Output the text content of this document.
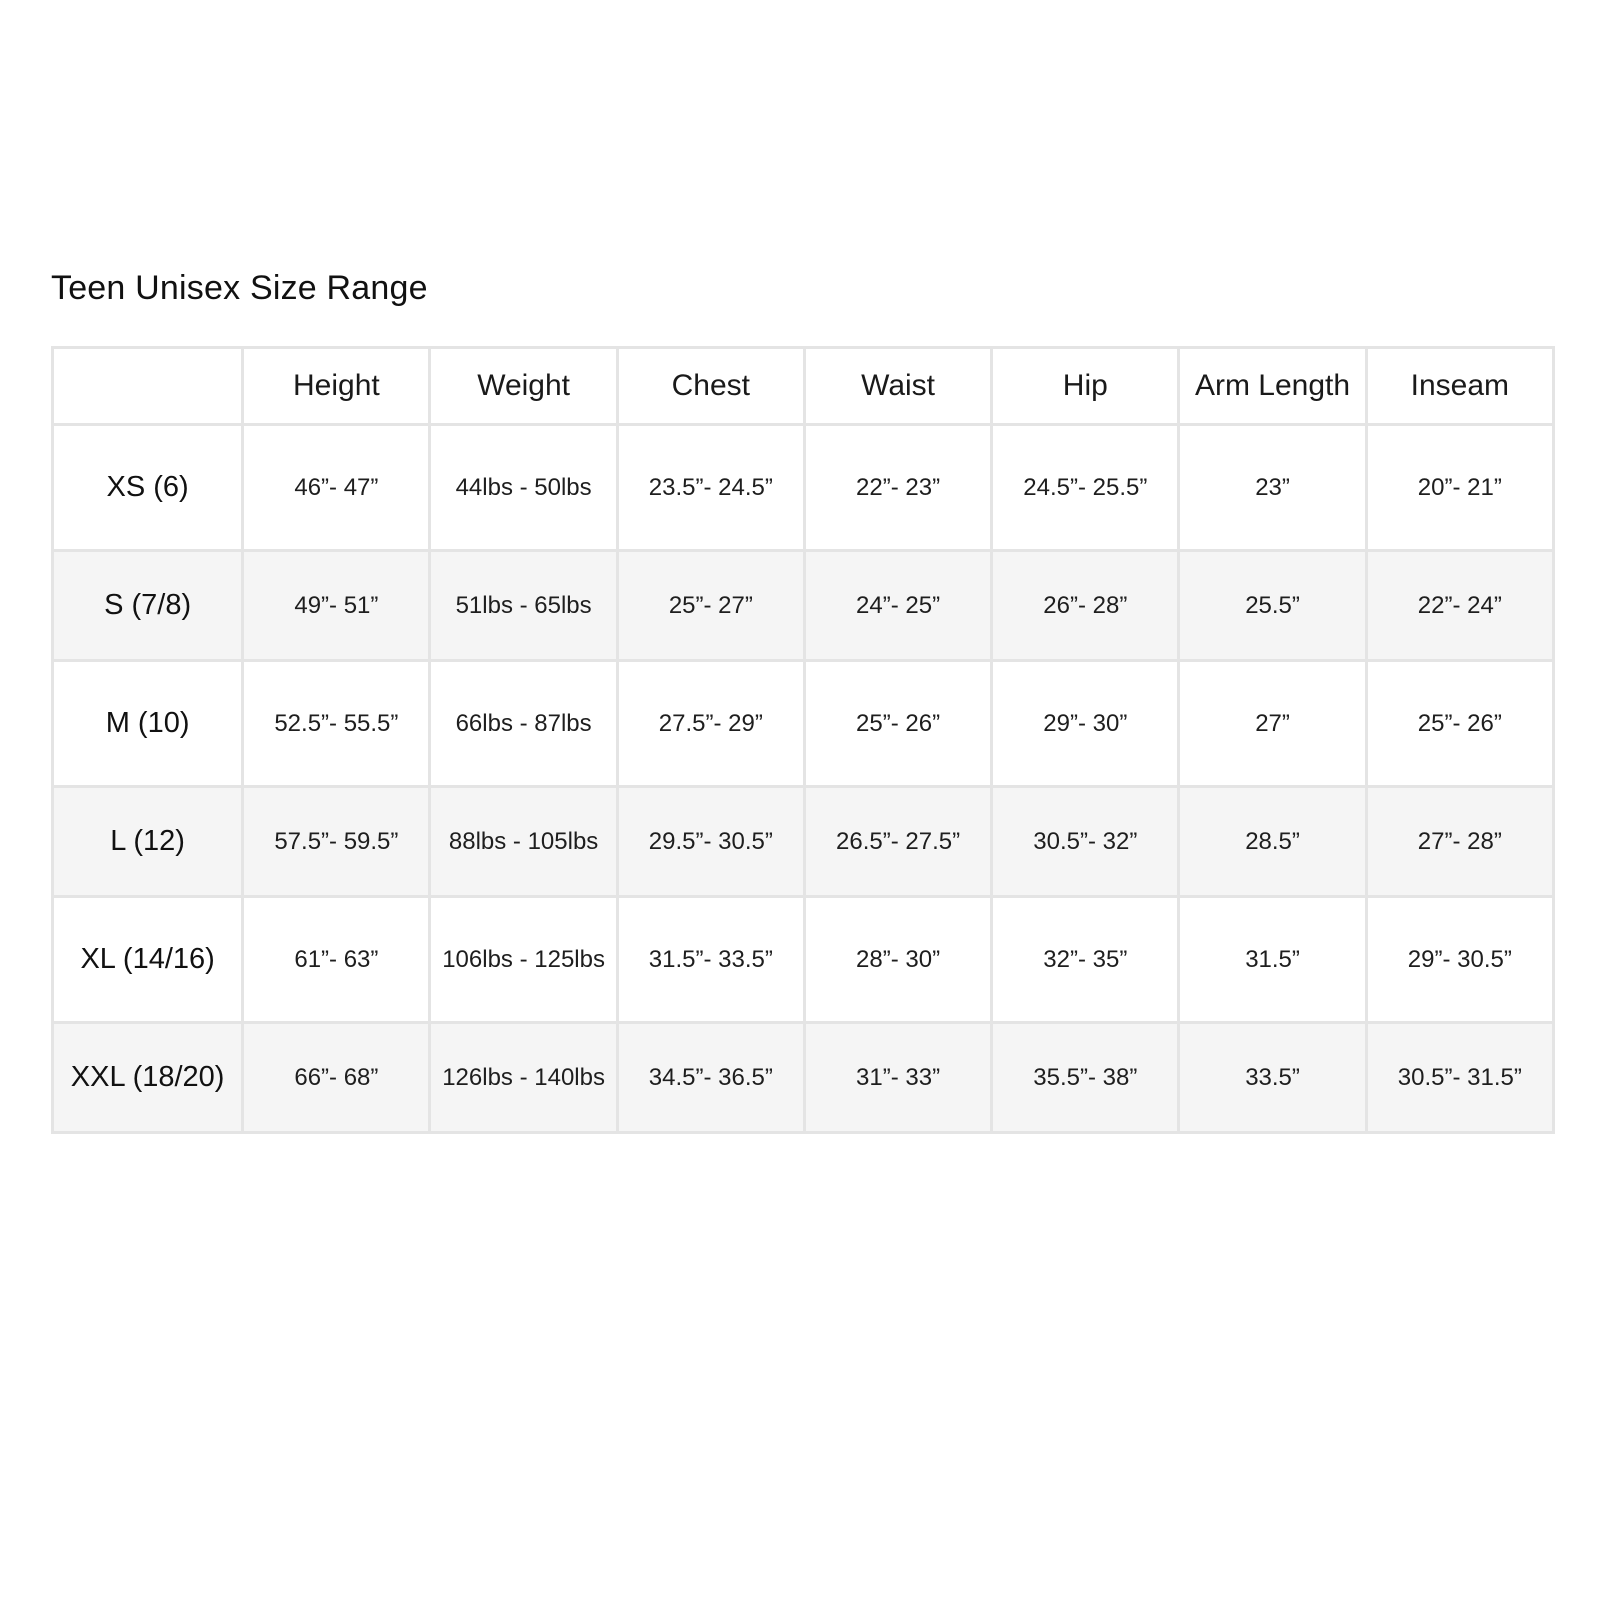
Teen Unisex Size Range
	Height	Weight	Chest	Waist	Hip	Arm Length	Inseam
XS (6)	46”- 47”	44lbs - 50lbs	23.5”- 24.5”	22”- 23”	24.5”- 25.5”	23”	20”- 21”
S (7/8)	49”- 51”	51lbs - 65lbs	25”- 27”	24”- 25”	26”- 28”	25.5”	22”- 24”
M (10)	52.5”- 55.5”	66lbs - 87lbs	27.5”- 29”	25”- 26”	29”- 30”	27”	25”- 26”
L (12)	57.5”- 59.5”	88lbs - 105lbs	29.5”- 30.5”	26.5”- 27.5”	30.5”- 32”	28.5”	27”- 28”
XL (14/16)	61”- 63”	106lbs - 125lbs	31.5”- 33.5”	28”- 30”	32”- 35”	31.5”	29”- 30.5”
XXL (18/20)	66”- 68”	126lbs - 140lbs	34.5”- 36.5”	31”- 33”	35.5”- 38”	33.5”	30.5”- 31.5”
